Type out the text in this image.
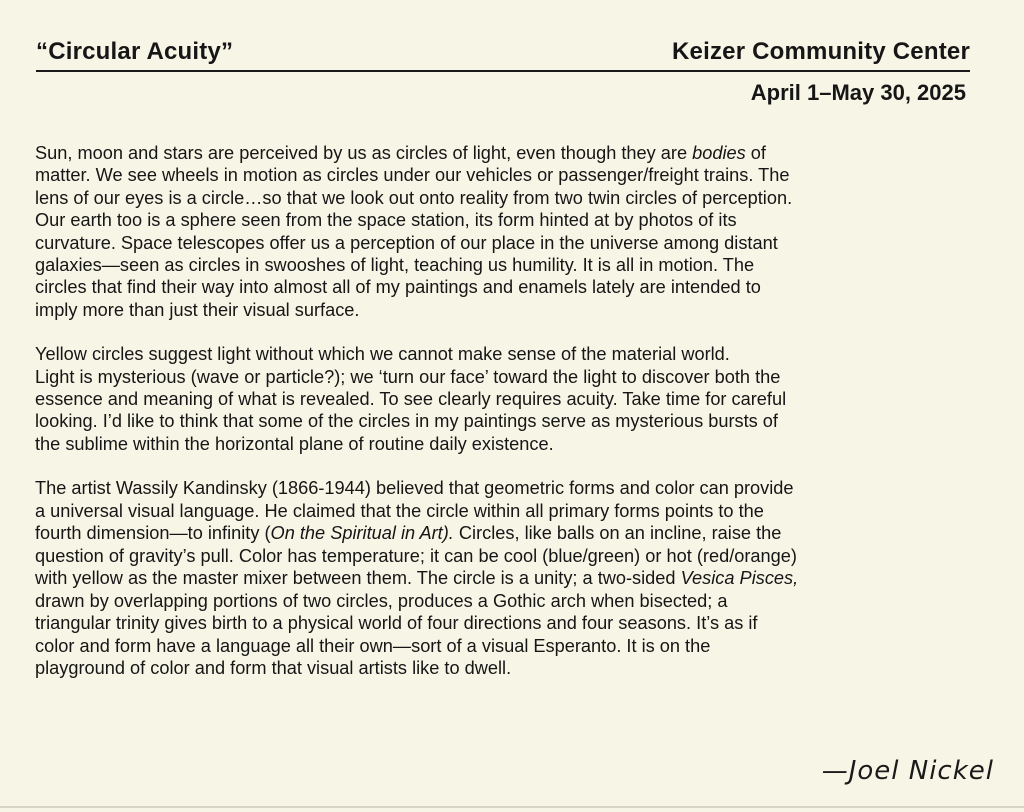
“Circular Acuity”	Keizer Community Center
April 1–May 30, 2025

Sun, moon and stars are perceived by us as circles of light, even though they are bodies of
matter. We see wheels in motion as circles under our vehicles or passenger/freight trains. The
lens of our eyes is a circle…so that we look out onto reality from two twin circles of perception.
Our earth too is a sphere seen from the space station, its form hinted at by photos of its
curvature. Space telescopes offer us a perception of our place in the universe among distant
galaxies—seen as circles in swooshes of light, teaching us humility. It is all in motion. The
circles that find their way into almost all of my paintings and enamels lately are intended to
imply more than just their visual surface.

Yellow circles suggest light without which we cannot make sense of the material world.
Light is mysterious (wave or particle?); we ‘turn our face’ toward the light to discover both the
essence and meaning of what is revealed. To see clearly requires acuity. Take time for careful
looking. I’d like to think that some of the circles in my paintings serve as mysterious bursts of
the sublime within the horizontal plane of routine daily existence.

The artist Wassily Kandinsky (1866-1944) believed that geometric forms and color can provide
a universal visual language. He claimed that the circle within all primary forms points to the
fourth dimension—to infinity (On the Spiritual in Art). Circles, like balls on an incline, raise the
question of gravity’s pull. Color has temperature; it can be cool (blue/green) or hot (red/orange)
with yellow as the master mixer between them. The circle is a unity; a two-sided Vesica Pisces,
drawn by overlapping portions of two circles, produces a Gothic arch when bisected; a
triangular trinity gives birth to a physical world of four directions and four seasons. It’s as if
color and form have a language all their own—sort of a visual Esperanto. It is on the
playground of color and form that visual artists like to dwell.

—Joel Nickel
